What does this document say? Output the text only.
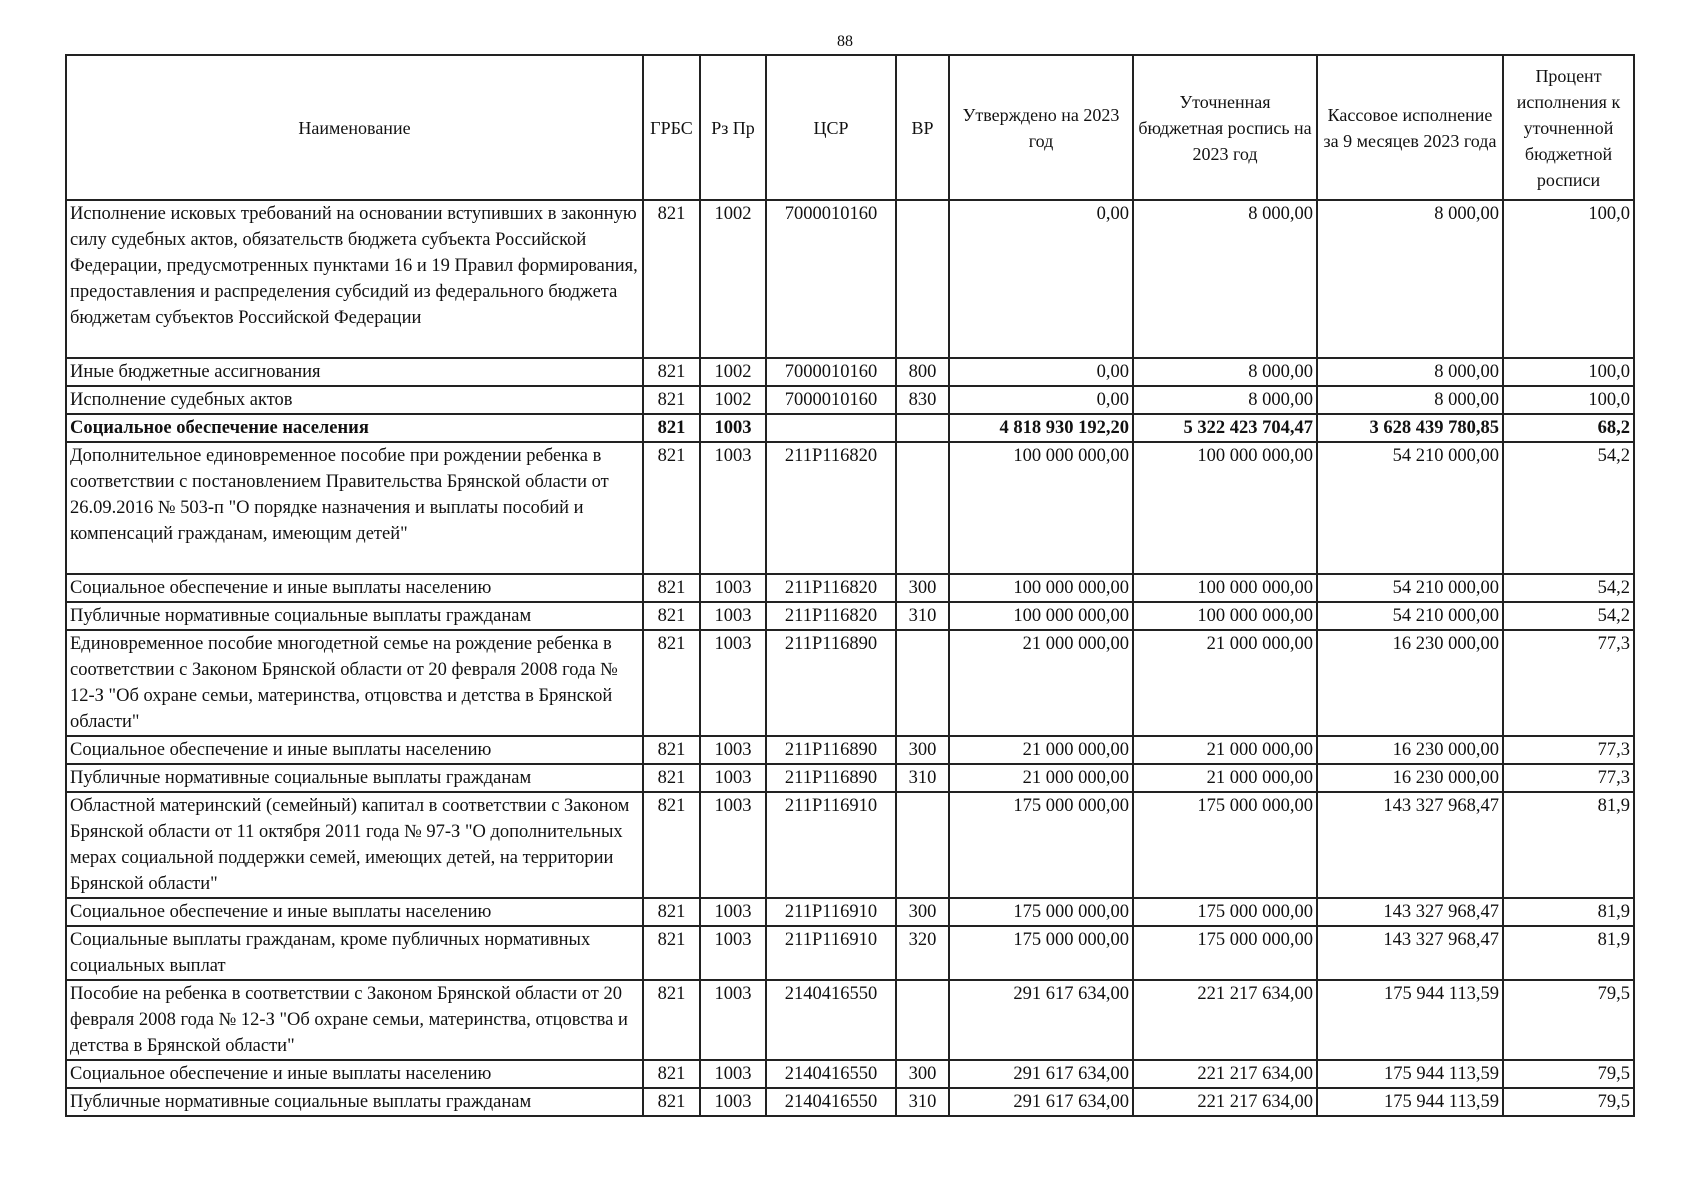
88
Наименование	ГРБС	Рз Пр	ЦСР	ВР	Утверждено на 2023 год	Уточненная бюджетная роспись на 2023 год	Кассовое исполнение за 9 месяцев 2023 года	Процент исполнения к уточненной бюджетной росписи
Исполнение исковых требований на основании вступивших в законную силу судебных актов, обязательств бюджета субъекта Российской Федерации, предусмотренных пунктами 16 и 19 Правил формирования, предоставления и распределения субсидий из федерального бюджета бюджетам субъектов Российской Федерации	821	1002	7000010160		0,00	8 000,00	8 000,00	100,0
Иные бюджетные ассигнования	821	1002	7000010160	800	0,00	8 000,00	8 000,00	100,0
Исполнение судебных актов	821	1002	7000010160	830	0,00	8 000,00	8 000,00	100,0
Социальное обеспечение населения	821	1003			4 818 930 192,20	5 322 423 704,47	3 628 439 780,85	68,2
Дополнительное единовременное пособие при рождении ребенка в соответствии с постановлением Правительства Брянской области от 26.09.2016 № 503-п "О порядке назначения и выплаты пособий и компенсаций гражданам, имеющим детей"	821	1003	211P116820		100 000 000,00	100 000 000,00	54 210 000,00	54,2
Социальное обеспечение и иные выплаты населению	821	1003	211P116820	300	100 000 000,00	100 000 000,00	54 210 000,00	54,2
Публичные нормативные социальные выплаты гражданам	821	1003	211P116820	310	100 000 000,00	100 000 000,00	54 210 000,00	54,2
Единовременное пособие многодетной семье на рождение ребенка в соответствии с Законом Брянской области от 20 февраля 2008 года № 12-З "Об охране семьи, материнства, отцовства и детства в Брянской области"	821	1003	211P116890		21 000 000,00	21 000 000,00	16 230 000,00	77,3
Социальное обеспечение и иные выплаты населению	821	1003	211P116890	300	21 000 000,00	21 000 000,00	16 230 000,00	77,3
Публичные нормативные социальные выплаты гражданам	821	1003	211P116890	310	21 000 000,00	21 000 000,00	16 230 000,00	77,3
Областной материнский (семейный) капитал в соответствии с Законом Брянской области от 11 октября 2011 года № 97-З "О дополнительных мерах социальной поддержки семей, имеющих детей, на территории Брянской области"	821	1003	211P116910		175 000 000,00	175 000 000,00	143 327 968,47	81,9
Социальное обеспечение и иные выплаты населению	821	1003	211P116910	300	175 000 000,00	175 000 000,00	143 327 968,47	81,9
Социальные выплаты гражданам, кроме публичных нормативных социальных выплат	821	1003	211P116910	320	175 000 000,00	175 000 000,00	143 327 968,47	81,9
Пособие на ребенка в соответствии с Законом Брянской области от 20 февраля 2008 года № 12-З "Об охране семьи, материнства, отцовства и детства в Брянской области"	821	1003	2140416550		291 617 634,00	221 217 634,00	175 944 113,59	79,5
Социальное обеспечение и иные выплаты населению	821	1003	2140416550	300	291 617 634,00	221 217 634,00	175 944 113,59	79,5
Публичные нормативные социальные выплаты гражданам	821	1003	2140416550	310	291 617 634,00	221 217 634,00	175 944 113,59	79,5
